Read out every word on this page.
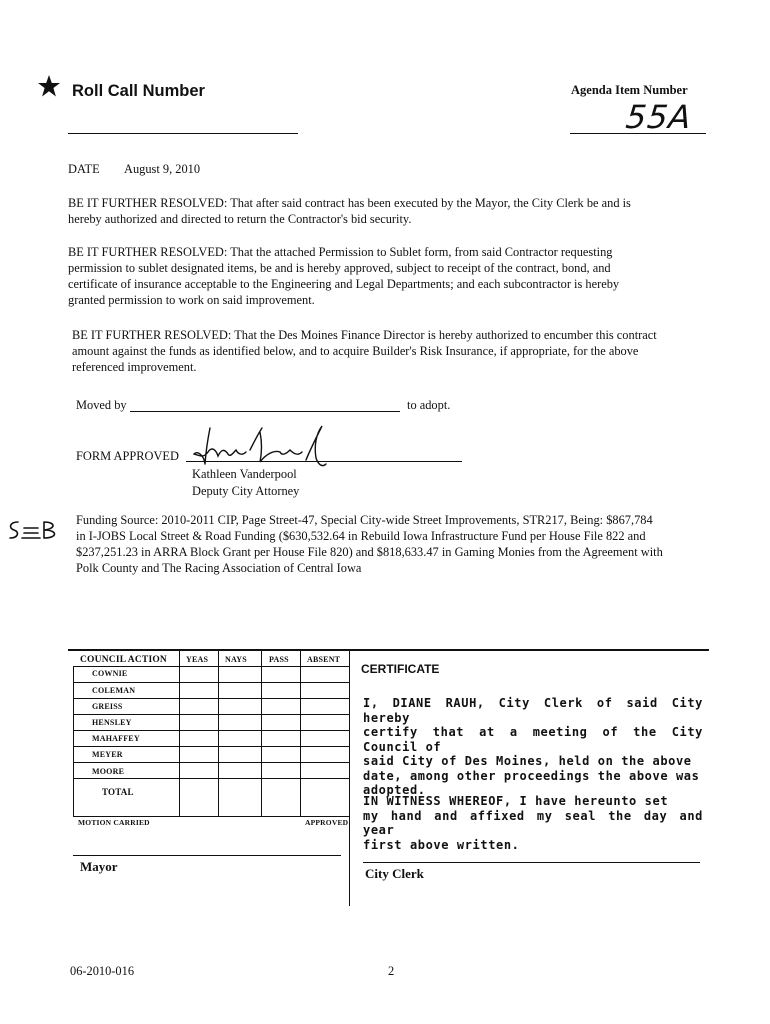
Roll Call Number	Agenda Item Number
55A
DATE August 9, 2010
BE IT FURTHER RESOLVED: That after said contract has been executed by the Mayor, the City Clerk be and is
hereby authorized and directed to return the Contractor's bid security.
BE IT FURTHER RESOLVED: That the attached Permission to Sublet form, from said Contractor requesting
permission to sublet designated items, be and is hereby approved, subject to receipt of the contract, bond, and
certificate of insurance acceptable to the Engineering and Legal Departments; and each subcontractor is hereby
granted permission to work on said improvement.
BE IT FURTHER RESOLVED: That the Des Moines Finance Director is hereby authorized to encumber this contract
amount against the funds as identified below, and to acquire Builder's Risk Insurance, if appropriate, for the above
referenced improvement.
Moved by	to adopt.
FORM APPROVED
Kathleen Vanderpool
Deputy City Attorney
Funding Source: 2010-2011 CIP, Page Street-47, Special City-wide Street Improvements, STR217, Being: $867,784
in I-JOBS Local Street & Road Funding ($630,532.64 in Rebuild Iowa Infrastructure Fund per House File 822 and
$237,251.23 in ARRA Block Grant per House File 820) and $818,633.47 in Gaming Monies from the Agreement with
Polk County and The Racing Association of Central Iowa
COUNCIL ACTION YEAS NAYS	PASS ABSENT
COWNIE
COLEMAN
GREISS
HENSLEY
MAHAFFEY
MEYER
MOORE
TOTAL
MOTION CARRIED	APPROVED
Mayor
CERTIFICATE
I, DIANE RAUH, City Clerk of said City hereby
certify that at a meeting of the City Council of
said City of Des Moines, held on the above
date, among other proceedings the above was
adopted.
IN WITNESS WHEREOF, I have hereunto set
my hand and affixed my seal the day and year
first above written.
City Clerk
06-2010-016	2
